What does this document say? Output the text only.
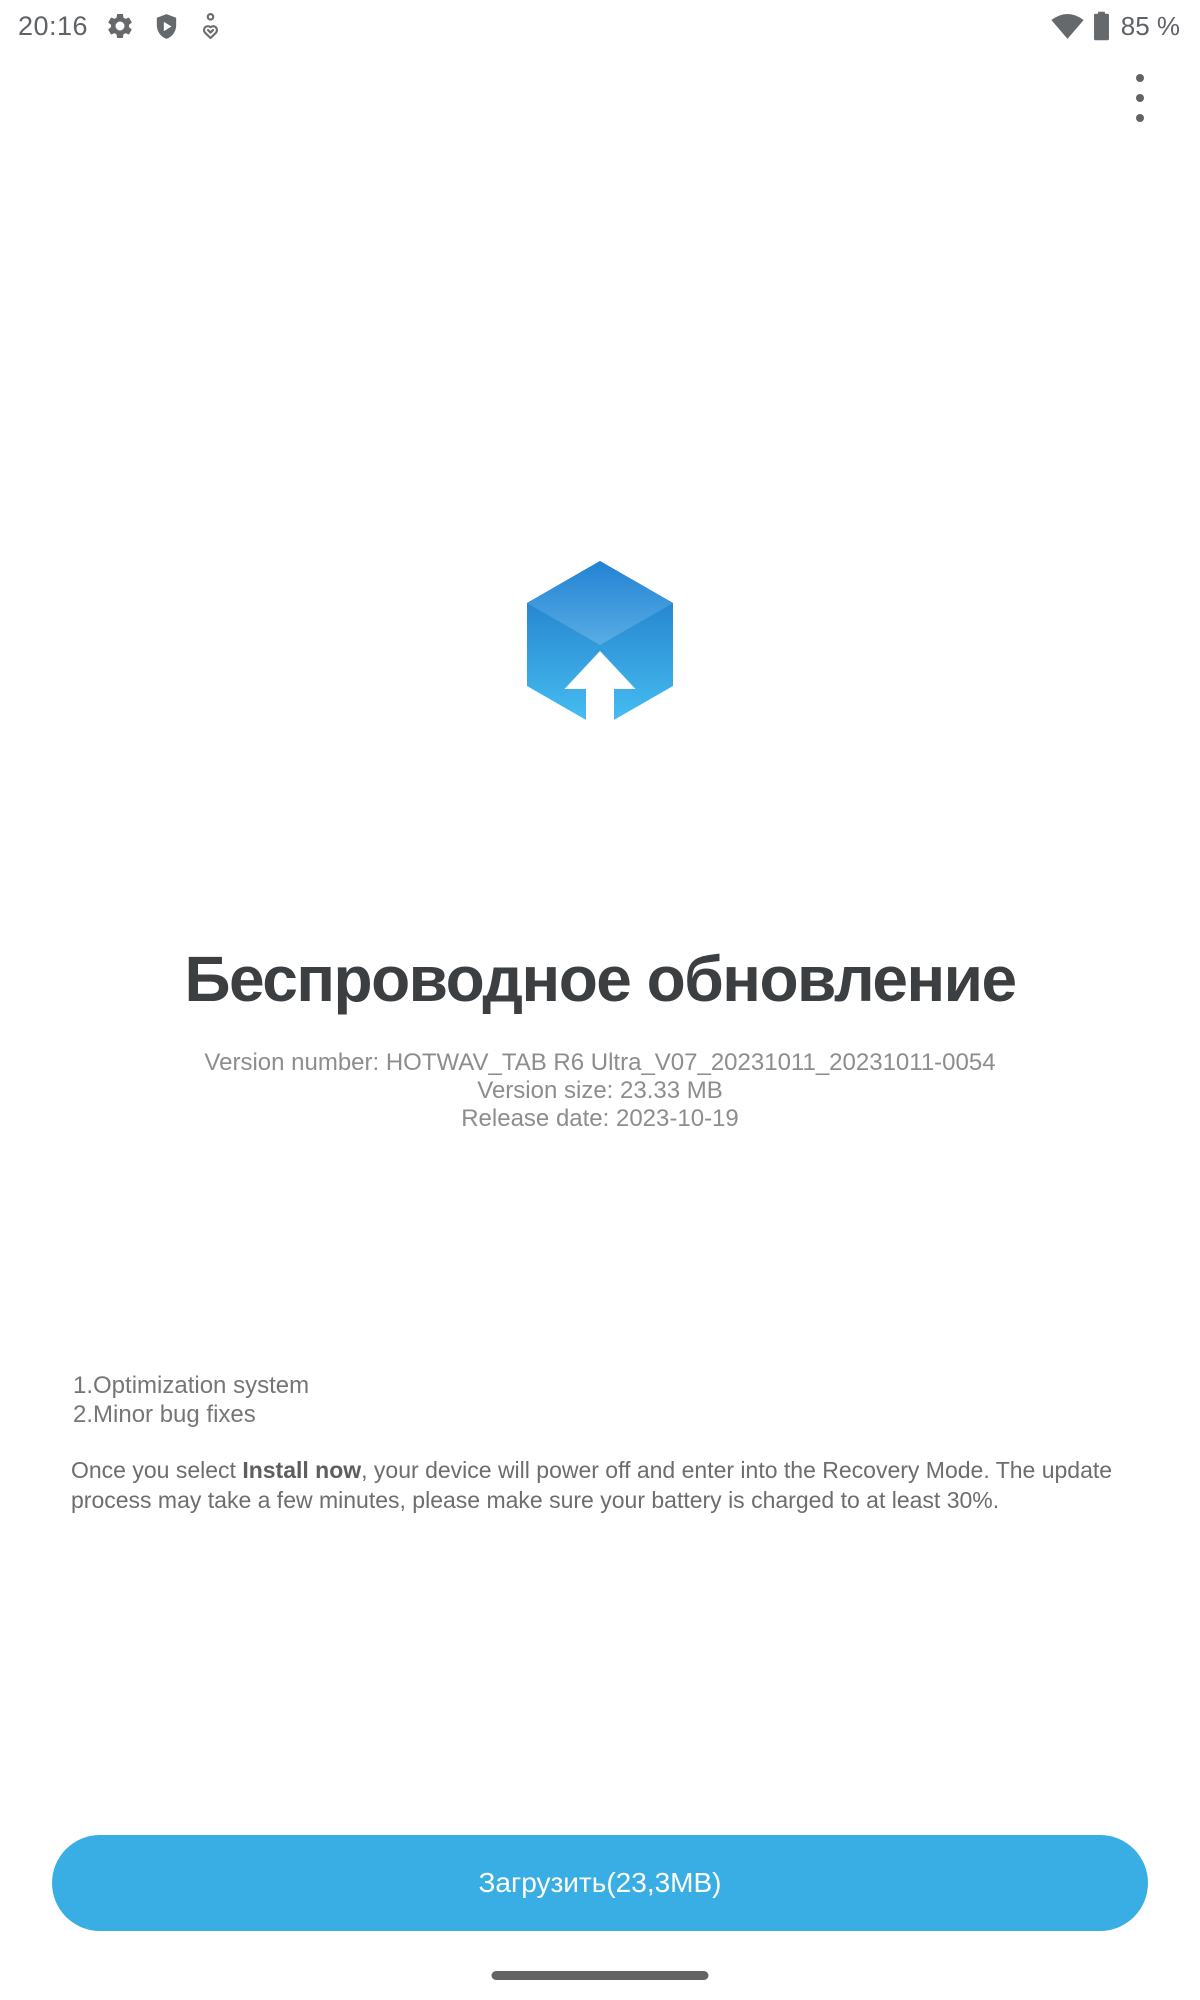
20:16	85 %
Беспроводное обновление
Version number: HOTWAV_TAB R6 Ultra_V07_20231011_20231011-0054
Version size: 23.33 MB
Release date: 2023-10-19
1.Optimization system
2.Minor bug fixes

Once you select Install now, your device will power off and enter into the Recovery Mode. The update process may take a few minutes, please make sure your battery is charged to at least 30%.

Загрузить(23,3MB)
